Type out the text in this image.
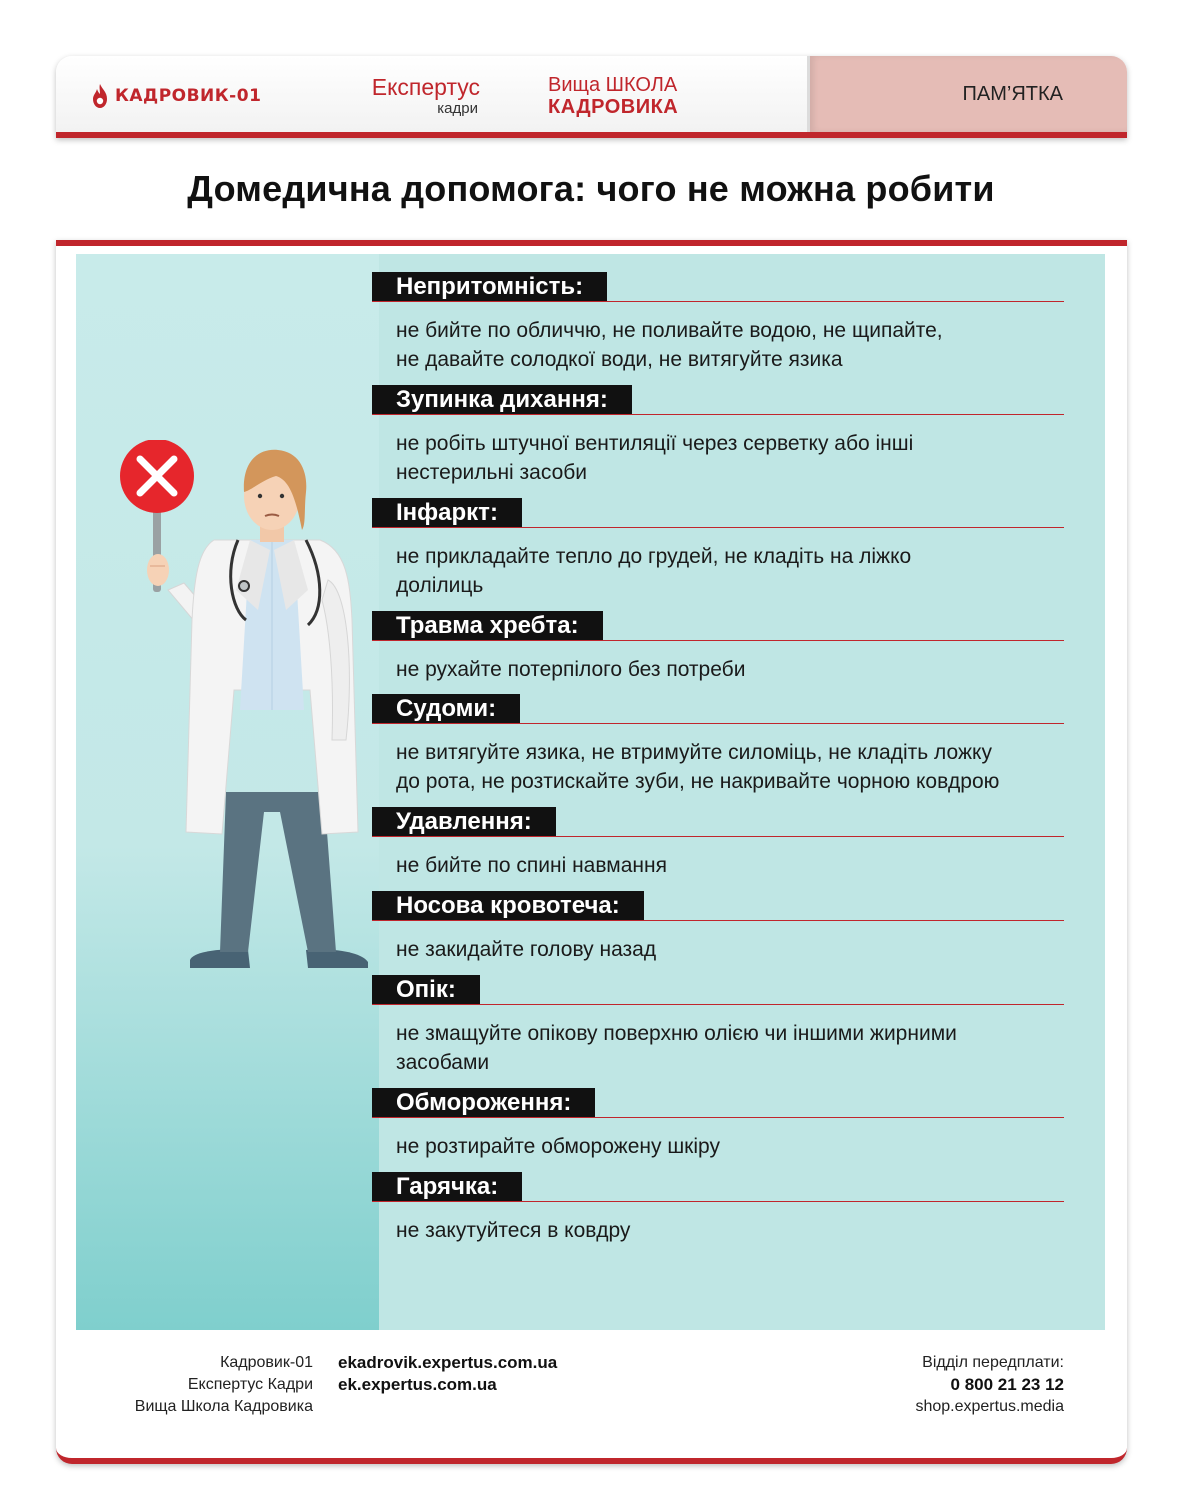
КАДРОВИК-01	Експертус
кадри
Вища ШКОЛА
КАДРОВИКА
ПАМ’ЯТКА
Домедична допомога: чого не можна робити
Непритомність:
не бийте по обличчю, не поливайте водою, не щипайте,
не давайте солодкої води, не витягуйте язика
Зупинка дихання:
не робіть штучної вентиляції через серветку або інші
нестерильні засоби
Інфаркт:
не прикладайте тепло до грудей, не кладіть на ліжко
долілиць
Травма хребта:
не рухайте потерпілого без потреби
Судоми:
не витягуйте язика, не втримуйте силоміць, не кладіть ложку
до рота, не розтискайте зуби, не накривайте чорною ковдрою
Удавлення:
не бийте по спині навмання
Носова кровотеча:
не закидайте голову назад
Опік:
не змащуйте опікову поверхню олією чи іншими жирними
засобами
Обмороження:
не розтирайте обморожену шкіру
Гарячка:
не закутуйтеся в ковдру
Кадровик-01
Експертус Кадри
Вища Школа Кадровика
ekadrovik.expertus.com.ua
ek.expertus.com.ua
Відділ передплати:
0 800 21 23 12
shop.expertus.media
